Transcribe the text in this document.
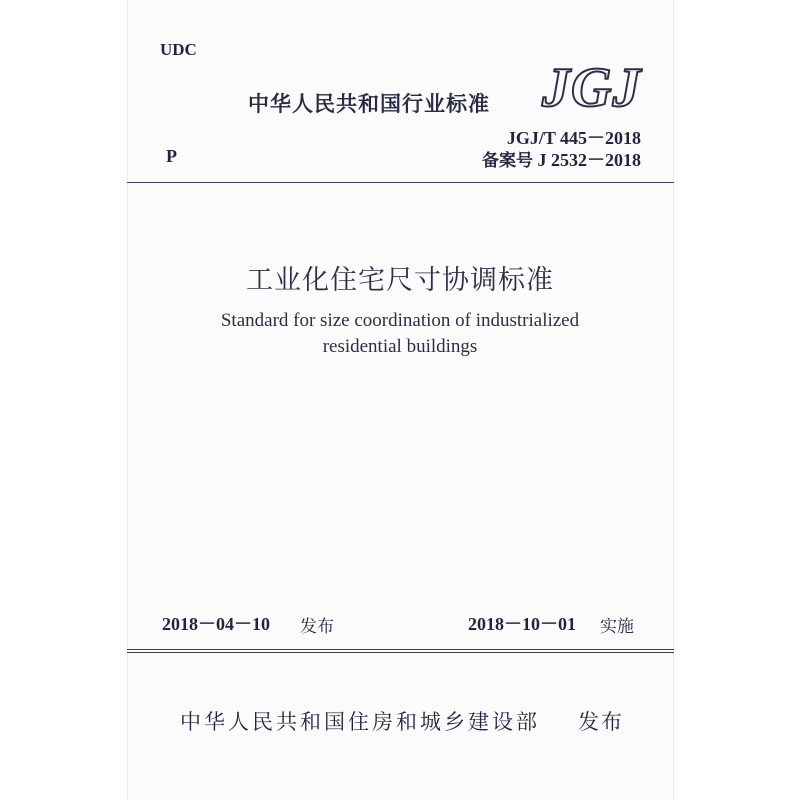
UDC
中华人民共和国行业标准 JGJ
JGJ/T 445－2018
P	备案号 J 2532－2018
工业化住宅尺寸协调标准
Standard for size coordination of industrialized
residential buildings
2018－04－10 发布	2018－10－01 实施
中华人民共和国住房和城乡建设部 发布
